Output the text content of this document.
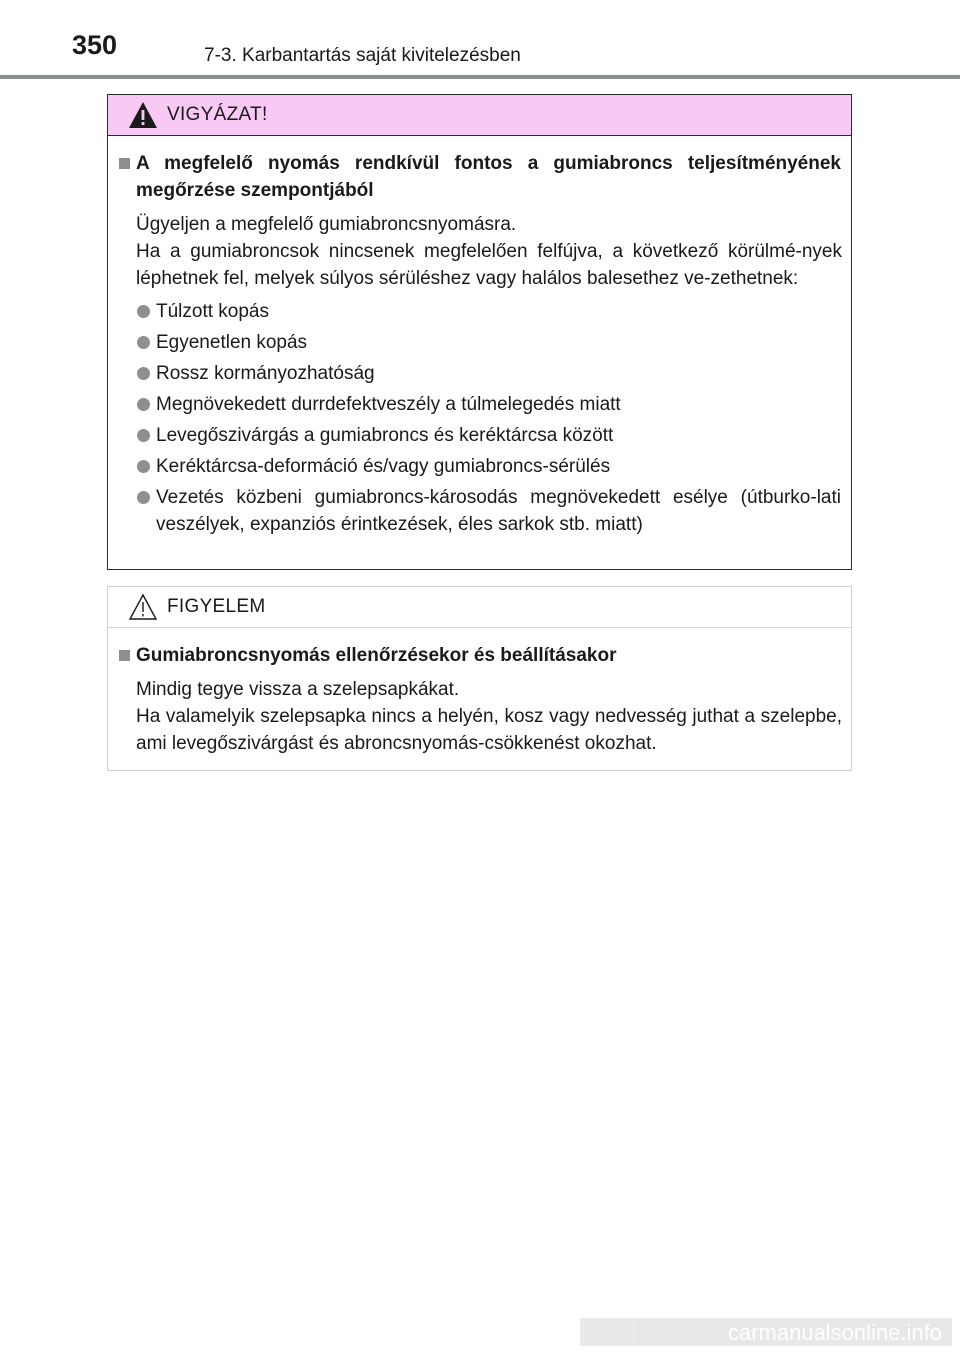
350	7-3. Karbantartás saját kivitelezésben
VIGYÁZAT!
A megfelelő nyomás rendkívül fontos a gumiabroncs teljesítményének megőrzése szempontjából
Ügyeljen a megfelelő gumiabroncsnyomásra.
Ha a gumiabroncsok nincsenek megfelelően felfújva, a következő körülmé-nyek léphetnek fel, melyek súlyos sérüléshez vagy halálos balesethez ve-zethetnek:
Túlzott kopás
Egyenetlen kopás
Rossz kormányozhatóság
Megnövekedett durrdefektveszély a túlmelegedés miatt
Levegőszivárgás a gumiabroncs és keréktárcsa között
Keréktárcsa-deformáció és/vagy gumiabroncs-sérülés
Vezetés közbeni gumiabroncs-károsodás megnövekedett esélye (útburko-lati veszélyek, expanziós érintkezések, éles sarkok stb. miatt)
FIGYELEM
Gumiabroncsnyomás ellenőrzésekor és beállításakor
Mindig tegye vissza a szelepsapkákat.
Ha valamelyik szelepsapka nincs a helyén, kosz vagy nedvesség juthat a szelepbe, ami levegőszivárgást és abroncsnyomás-csökkenést okozhat.
carmanualsonline.info
